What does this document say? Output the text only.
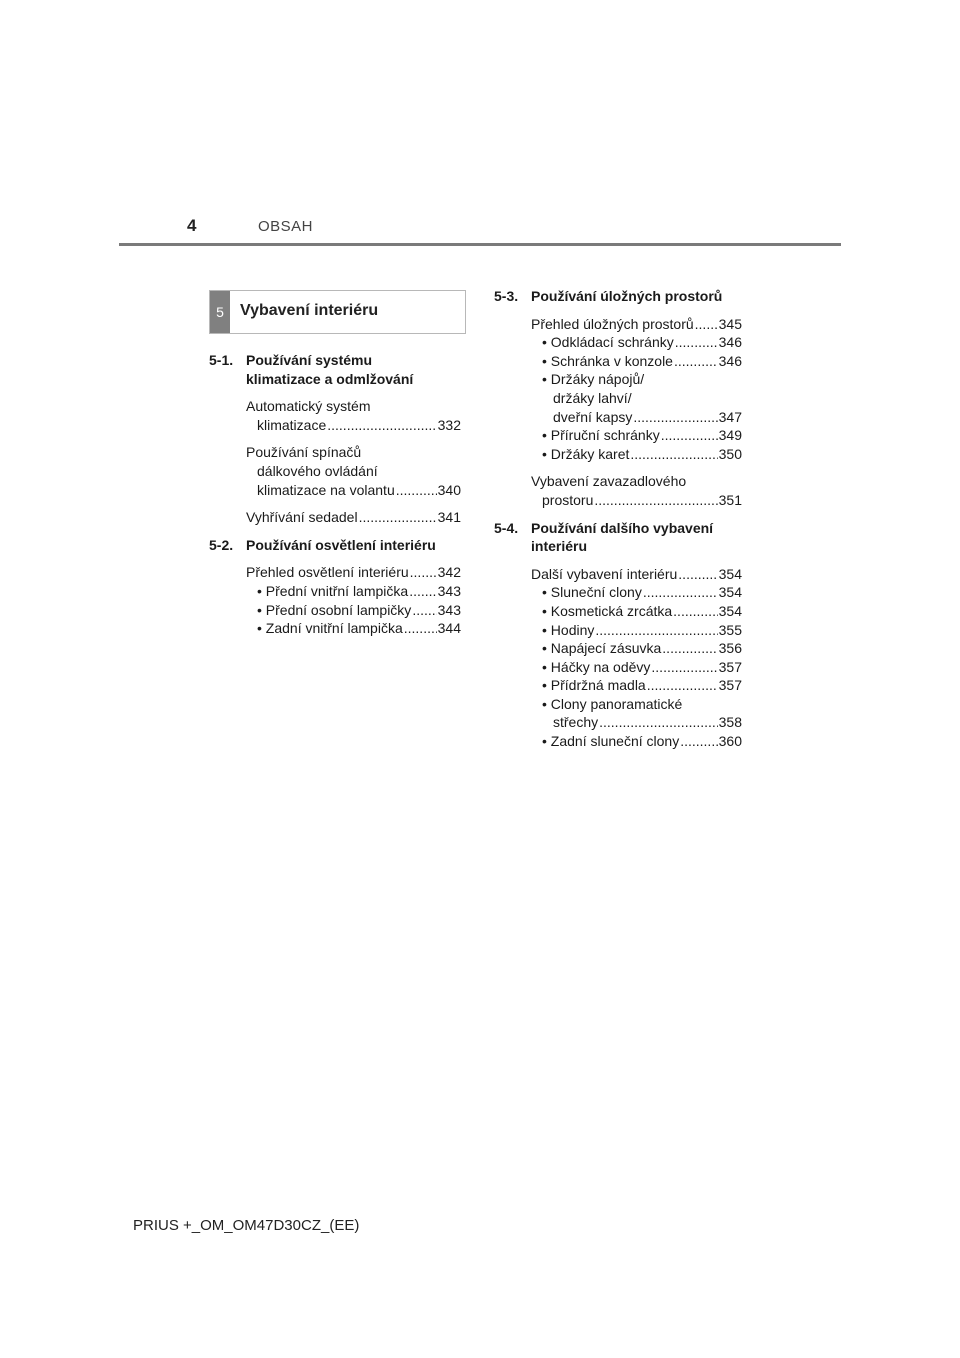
4	OBSAH
5	Vybavení interiéru
5-1. Používání systému
klimatizace a odmlžování
Automatický systém
klimatizace .....	332
Používání spínačů
dálkového ovládání
klimatizace na volantu .....	340
Vyhřívání sedadel .....	341
5-2. Používání osvětlení interiéru
Přehled osvětlení interiéru ..... 342
• Přední vnitřní lampička ..... 343
• Přední osobní lampičky ..... 343
• Zadní vnitřní lampička ..... 344
5-3. Používání úložných prostorů
Přehled úložných prostorů ..... 345
• Odkládací schránky .....	346
• Schránka v konzole .....	346
• Držáky nápojů/
držáky lahví/
dveřní kapsy .....	347
• Příruční schránky .....	349
• Držáky karet .....	350
Vybavení zavazadlového
prostoru .....	351
5-4. Používání dalšího vybavení
interiéru
Další vybavení interiéru .....	354
• Sluneční clony .....	354
• Kosmetická zrcátka .....	354
• Hodiny .....	355
• Napájecí zásuvka .....	356
• Háčky na oděvy .....	357
• Přídržná madla .....	357
• Clony panoramatické
střechy .....	358
• Zadní sluneční clony .....	360
PRIUS +_OM_OM47D30CZ_(EE)
